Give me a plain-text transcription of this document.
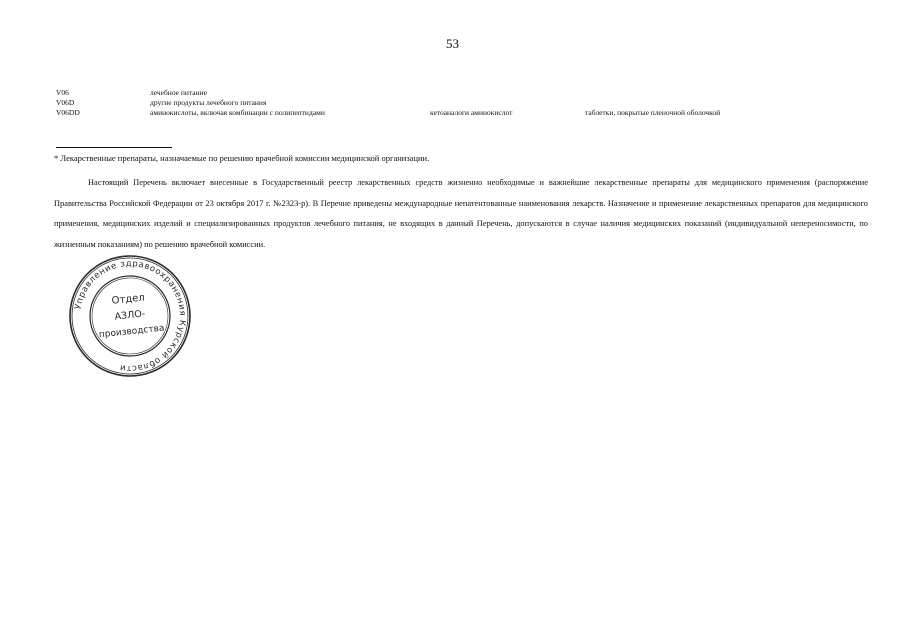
53
V06	лечебное питание
V06D	другие продукты лечебного питания
V06DD	аминокислоты, включая комбинации с полипептидами	кетоаналоги аминокислот	таблетки, покрытые пленочной оболочкой
* Лекарственные препараты, назначаемые по решению врачебной комиссии медицинской организации.

Настоящий Перечень включает внесенные в Государственный реестр лекарственных средств жизненно необходимые и важнейшие лекарственные препараты для медицинского применения (распоряжение Правительства Российской Федерации от 23 октября 2017 г. №2323-р). В Перечне приведены международные непатентованные наименования лекарств. Назначение и применение лекарственных препаратов для медицинского применения, медицинских изделий и специализированных продуктов лечебного питания, не входящих в данный Перечень, допускаются в случае наличия медицинских показаний (индивидуальной непереносимости, по жизненным показаниям) по решению врачебной комиссии.

Управление здравоохранения Курской области
Отдел
АЗЛО-
производства
